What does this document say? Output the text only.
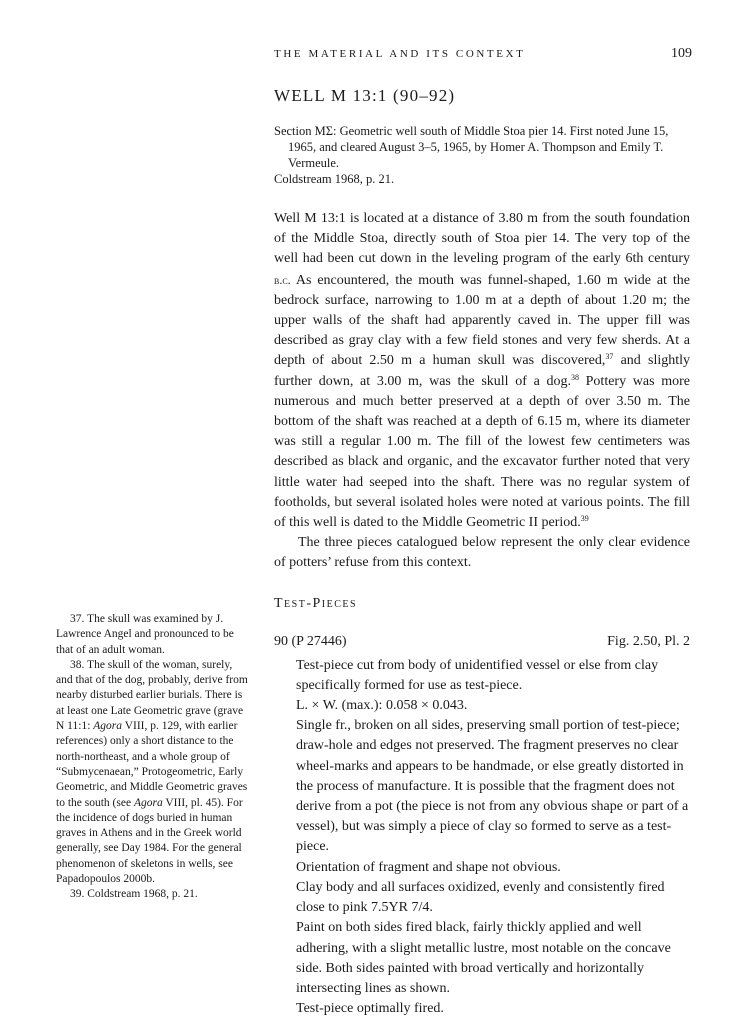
THE MATERIAL AND ITS CONTEXT	109
WELL M 13:1 (90–92)

Section MΣ: Geometric well south of Middle Stoa pier 14. First noted June 15, 1965, and cleared August 3–5, 1965, by Homer A. Thompson and Emily T. Vermeule.

Coldstream 1968, p. 21.

Well M 13:1 is located at a distance of 3.80 m from the south foundation of the Middle Stoa, directly south of Stoa pier 14. The very top of the well had been cut down in the leveling program of the early 6th century b.c. As encountered, the mouth was funnel-shaped, 1.60 m wide at the bedrock surface, narrowing to 1.00 m at a depth of about 1.20 m; the upper walls of the shaft had apparently caved in. The upper fill was described as gray clay with a few field stones and very few sherds. At a depth of about 2.50 m a human skull was discovered,$^{37}$ and slightly further down, at 3.00 m, was the skull of a dog.$^{38}$ Pottery was more numerous and much better preserved at a depth of over 3.50 m. The bottom of the shaft was reached at a depth of 6.15 m, where its diameter was still a regular 1.00 m. The fill of the lowest few centimeters was described as black and organic, and the excavator further noted that very little water had seeped into the shaft. There was no regular system of footholds, but several isolated holes were noted at various points. The fill of this well is dated to the Middle Geometric II period.$^{39}$

The three pieces catalogued below represent the only clear evidence of potters’ refuse from this context.

Test-Pieces
90 (P 27446)	Fig. 2.50, Pl. 2

Test-piece cut from body of unidentified vessel or else from clay specifically formed for use as test-piece.

L. × W. (max.): 0.058 × 0.043.

Single fr., broken on all sides, preserving small portion of test-piece; draw-hole and edges not preserved. The fragment preserves no clear wheel-marks and appears to be handmade, or else greatly distorted in the process of manufacture. It is possible that the fragment does not derive from a pot (the piece is not from any obvious shape or part of a vessel), but was simply a piece of clay so formed to serve as a test-piece.

Orientation of fragment and shape not obvious.

Clay body and all surfaces oxidized, evenly and consistently fired close to pink 7.5YR 7/4.

Paint on both sides fired black, fairly thickly applied and well adhering, with a slight metallic lustre, most notable on the concave side. Both sides painted with broad vertically and horizontally intersecting lines as shown.

Test-piece optimally fired.

37. The skull was examined by J. Lawrence Angel and pronounced to be that of an adult woman.

38. The skull of the woman, surely, and that of the dog, probably, derive from nearby disturbed earlier burials. There is at least one Late Geometric grave (grave N 11:1: Agora VIII, p. 129, with earlier references) only a short distance to the north-northeast, and a whole group of “Submycenaean,” Protogeometric, Early Geometric, and Middle Geometric graves to the south (see Agora VIII, pl. 45). For the incidence of dogs buried in human graves in Athens and in the Greek world generally, see Day 1984. For the general phenomenon of skeletons in wells, see Papadopoulos 2000b.

39. Coldstream 1968, p. 21.
